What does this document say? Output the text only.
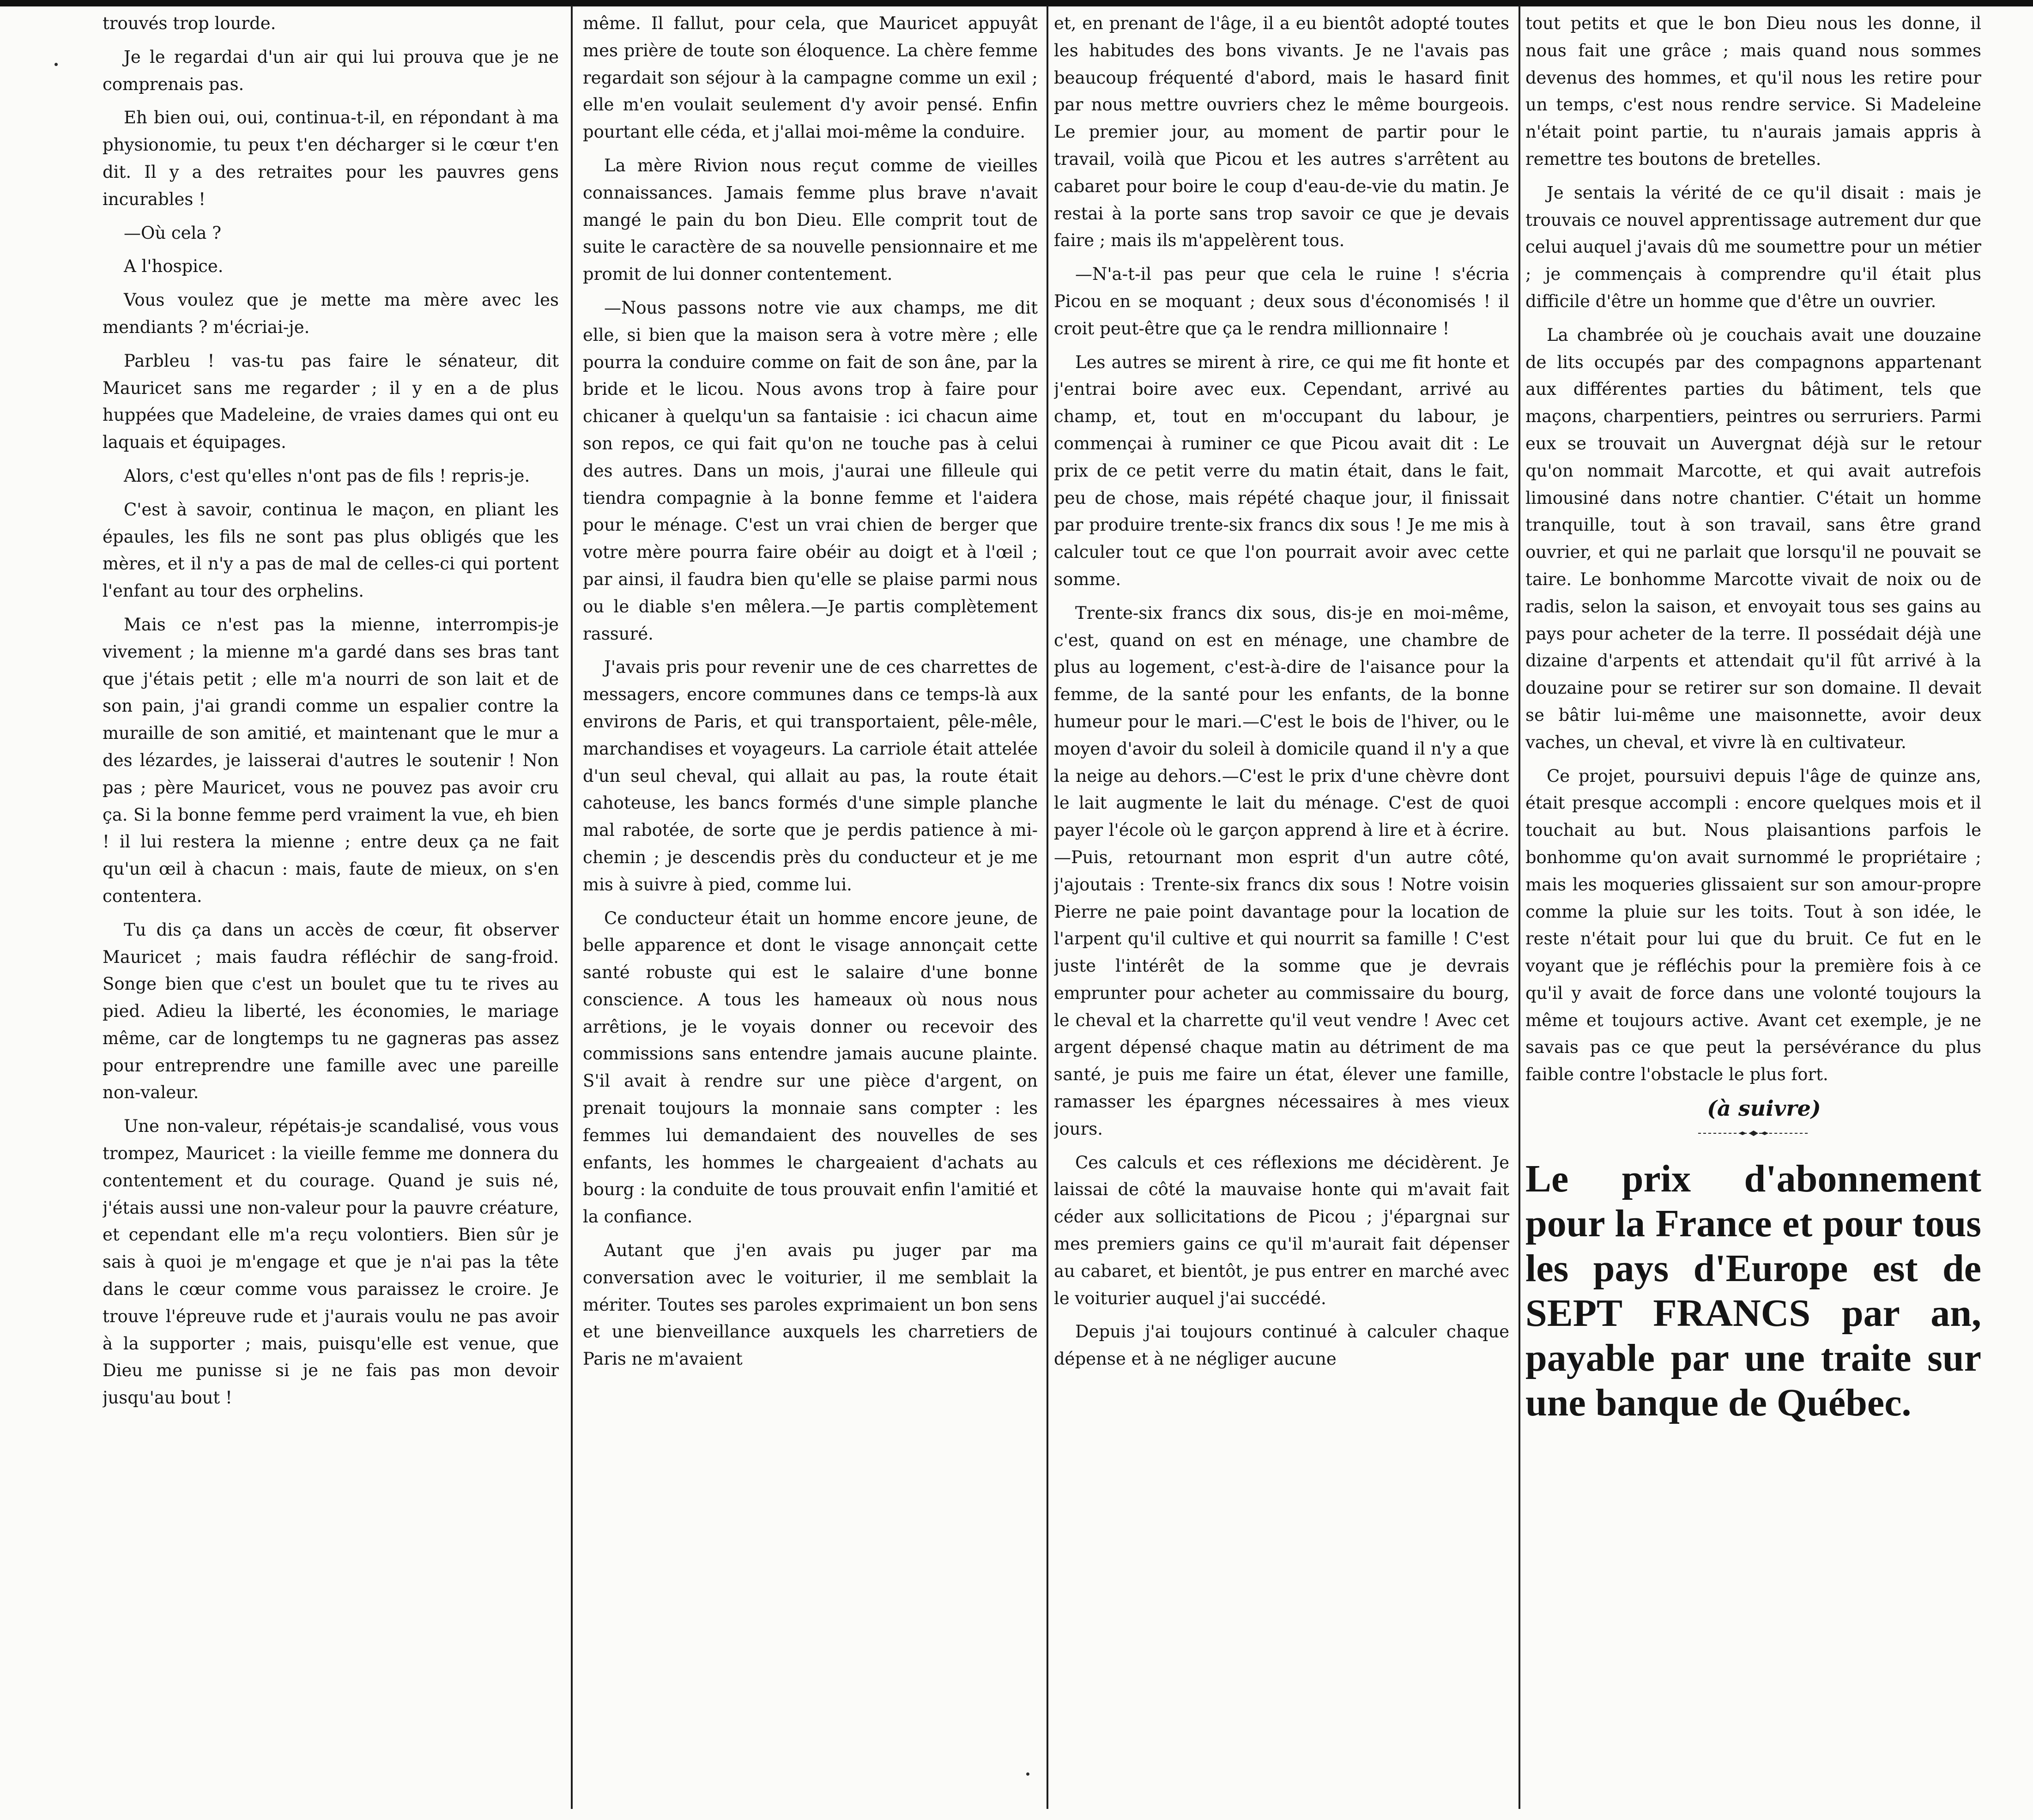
trouvés trop lourde.

Je le regardai d'un air qui lui prouva que je ne comprenais pas.

Eh bien oui, oui, continua-t-il, en répondant à ma physionomie, tu peux t'en décharger si le cœur t'en dit. Il y a des retraites pour les pauvres gens incurables !

—Où cela ?

A l'hospice.

Vous voulez que je mette ma mère avec les mendiants ? m'écriai-je.

Parbleu ! vas-tu pas faire le sénateur, dit Mauricet sans me regarder ; il y en a de plus huppées que Madeleine, de vraies dames qui ont eu laquais et équipages.

Alors, c'est qu'elles n'ont pas de fils ! repris-je.

C'est à savoir, continua le maçon, en pliant les épaules, les fils ne sont pas plus obligés que les mères, et il n'y a pas de mal de celles-ci qui portent l'enfant au tour des orphelins.

Mais ce n'est pas la mienne, interrompis-je vivement ; la mienne m'a gardé dans ses bras tant que j'étais petit ; elle m'a nourri de son lait et de son pain, j'ai grandi comme un espalier contre la muraille de son amitié, et maintenant que le mur a des lézardes, je laisserai d'autres le soutenir ! Non pas ; père Mauricet, vous ne pouvez pas avoir cru ça. Si la bonne femme perd vraiment la vue, eh bien ! il lui restera la mienne ; entre deux ça ne fait qu'un œil à chacun : mais, faute de mieux, on s'en contentera.

Tu dis ça dans un accès de cœur, fit observer Mauricet ; mais faudra réfléchir de sang-froid. Songe bien que c'est un boulet que tu te rives au pied. Adieu la liberté, les économies, le mariage même, car de longtemps tu ne gagneras pas assez pour entreprendre une famille avec une pareille non-valeur.

Une non-valeur, répétais-je scandalisé, vous vous trompez, Mauricet : la vieille femme me donnera du contentement et du courage. Quand je suis né, j'étais aussi une non-valeur pour la pauvre créature, et cependant elle m'a reçu volontiers. Bien sûr je sais à quoi je m'engage et que je n'ai pas la tête dans le cœur comme vous paraissez le croire. Je trouve l'épreuve rude et j'aurais voulu ne pas avoir à la supporter ; mais, puisqu'elle est venue, que Dieu me punisse si je ne fais pas mon devoir jusqu'au bout !

même. Il fallut, pour cela, que Mauricet appuyât mes prière de toute son éloquence. La chère femme regardait son séjour à la campagne comme un exil ; elle m'en voulait seulement d'y avoir pensé. Enfin pourtant elle céda, et j'allai moi-même la conduire.

La mère Rivion nous reçut comme de vieilles connaissances. Jamais femme plus brave n'avait mangé le pain du bon Dieu. Elle comprit tout de suite le caractère de sa nouvelle pensionnaire et me promit de lui donner contentement.

—Nous passons notre vie aux champs, me dit elle, si bien que la maison sera à votre mère ; elle pourra la conduire comme on fait de son âne, par la bride et le licou. Nous avons trop à faire pour chicaner à quelqu'un sa fantaisie : ici chacun aime son repos, ce qui fait qu'on ne touche pas à celui des autres. Dans un mois, j'aurai une filleule qui tiendra compagnie à la bonne femme et l'aidera pour le ménage. C'est un vrai chien de berger que votre mère pourra faire obéir au doigt et à l'œil ; par ainsi, il faudra bien qu'elle se plaise parmi nous ou le diable s'en mêlera.—Je partis complètement rassuré.

J'avais pris pour revenir une de ces charrettes de messagers, encore communes dans ce temps-là aux environs de Paris, et qui transportaient, pêle-mêle, marchandises et voyageurs. La carriole était attelée d'un seul cheval, qui allait au pas, la route était cahoteuse, les bancs formés d'une simple planche mal rabotée, de sorte que je perdis patience à mi-chemin ; je descendis près du conducteur et je me mis à suivre à pied, comme lui.

Ce conducteur était un homme encore jeune, de belle apparence et dont le visage annonçait cette santé robuste qui est le salaire d'une bonne conscience. A tous les hameaux où nous nous arrêtions, je le voyais donner ou recevoir des commissions sans entendre jamais aucune plainte. S'il avait à rendre sur une pièce d'argent, on prenait toujours la monnaie sans compter : les femmes lui demandaient des nouvelles de ses enfants, les hommes le chargeaient d'achats au bourg : la conduite de tous prouvait enfin l'amitié et la confiance.

Autant que j'en avais pu juger par ma conversation avec le voiturier, il me semblait la mériter. Toutes ses paroles exprimaient un bon sens et une bienveillance auxquels les charretiers de Paris ne m'avaient

et, en prenant de l'âge, il a eu bientôt adopté toutes les habitudes des bons vivants. Je ne l'avais pas beaucoup fréquenté d'abord, mais le hasard finit par nous mettre ouvriers chez le même bourgeois. Le premier jour, au moment de partir pour le travail, voilà que Picou et les autres s'arrêtent au cabaret pour boire le coup d'eau-de-vie du matin. Je restai à la porte sans trop savoir ce que je devais faire ; mais ils m'appelèrent tous.

—N'a-t-il pas peur que cela le ruine ! s'écria Picou en se moquant ; deux sous d'économisés ! il croit peut-être que ça le rendra millionnaire !

Les autres se mirent à rire, ce qui me fit honte et j'entrai boire avec eux. Cependant, arrivé au champ, et, tout en m'occupant du labour, je commençai à ruminer ce que Picou avait dit : Le prix de ce petit verre du matin était, dans le fait, peu de chose, mais répété chaque jour, il finissait par produire trente-six francs dix sous ! Je me mis à calculer tout ce que l'on pourrait avoir avec cette somme.

Trente-six francs dix sous, dis-je en moi-même, c'est, quand on est en ménage, une chambre de plus au logement, c'est-à-dire de l'aisance pour la femme, de la santé pour les enfants, de la bonne humeur pour le mari.—C'est le bois de l'hiver, ou le moyen d'avoir du soleil à domicile quand il n'y a que la neige au dehors.—C'est le prix d'une chèvre dont le lait augmente le lait du ménage. C'est de quoi payer l'école où le garçon apprend à lire et à écrire.—Puis, retournant mon esprit d'un autre côté, j'ajoutais : Trente-six francs dix sous ! Notre voisin Pierre ne paie point davantage pour la location de l'arpent qu'il cultive et qui nourrit sa famille ! C'est juste l'intérêt de la somme que je devrais emprunter pour acheter au commissaire du bourg, le cheval et la charrette qu'il veut vendre ! Avec cet argent dépensé chaque matin au détriment de ma santé, je puis me faire un état, élever une famille, ramasser les épargnes nécessaires à mes vieux jours.

Ces calculs et ces réflexions me décidèrent. Je laissai de côté la mauvaise honte qui m'avait fait céder aux sollicitations de Picou ; j'épargnai sur mes premiers gains ce qu'il m'aurait fait dépenser au cabaret, et bientôt, je pus entrer en marché avec le voiturier auquel j'ai succédé.

Depuis j'ai toujours continué à calculer chaque dépense et à ne négliger aucune

tout petits et que le bon Dieu nous les donne, il nous fait une grâce ; mais quand nous sommes devenus des hommes, et qu'il nous les retire pour un temps, c'est nous rendre service. Si Madeleine n'était point partie, tu n'aurais jamais appris à remettre tes boutons de bretelles.

Je sentais la vérité de ce qu'il disait : mais je trouvais ce nouvel apprentissage autrement dur que celui auquel j'avais dû me soumettre pour un métier ; je commençais à comprendre qu'il était plus difficile d'être un homme que d'être un ouvrier.

La chambrée où je couchais avait une douzaine de lits occupés par des compagnons appartenant aux différentes parties du bâtiment, tels que maçons, charpentiers, peintres ou serruriers. Parmi eux se trouvait un Auvergnat déjà sur le retour qu'on nommait Marcotte, et qui avait autrefois limousiné dans notre chantier. C'était un homme tranquille, tout à son travail, sans être grand ouvrier, et qui ne parlait que lorsqu'il ne pouvait se taire. Le bonhomme Marcotte vivait de noix ou de radis, selon la saison, et envoyait tous ses gains au pays pour acheter de la terre. Il possédait déjà une dizaine d'arpents et attendait qu'il fût arrivé à la douzaine pour se retirer sur son domaine. Il devait se bâtir lui-même une maisonnette, avoir deux vaches, un cheval, et vivre là en cultivateur.

Ce projet, poursuivi depuis l'âge de quinze ans, était presque accompli : encore quelques mois et il touchait au but. Nous plaisantions parfois le bonhomme qu'on avait surnommé le propriétaire ; mais les moqueries glissaient sur son amour-propre comme la pluie sur les toits. Tout à son idée, le reste n'était pour lui que du bruit. Ce fut en le voyant que je réfléchis pour la première fois à ce qu'il y avait de force dans une volonté toujours la même et toujours active. Avant cet exemple, je ne savais pas ce que peut la persévérance du plus faible contre l'obstacle le plus fort.

(à suivre)

Le prix d'abonnement pour la France et pour tous les pays d'Europe est de SEPT FRANCS par an, payable par une traite sur une banque de Québec.
